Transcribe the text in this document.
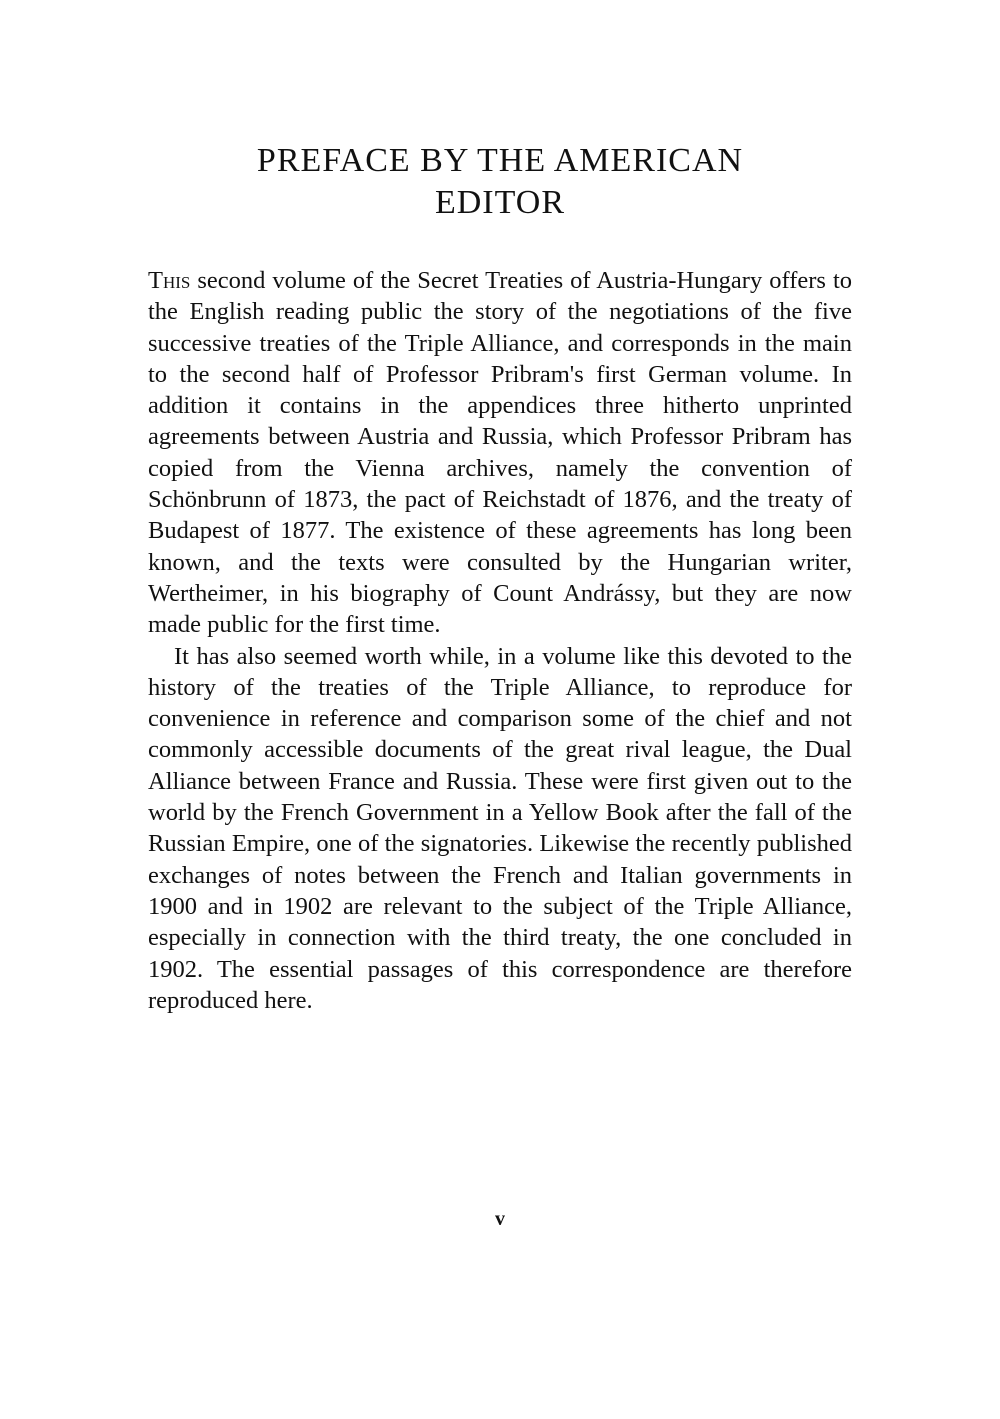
PREFACE BY THE AMERICAN
EDITOR

This second volume of the Secret Treaties of Austria-Hungary offers to the English reading public the story of the negotiations of the five successive treaties of the Triple Alliance, and corresponds in the main to the second half of Professor Pribram's first German volume. In addition it contains in the appendices three hitherto unprinted agreements between Austria and Russia, which Professor Pribram has copied from the Vienna archives, namely the convention of Schönbrunn of 1873, the pact of Reichstadt of 1876, and the treaty of Budapest of 1877. The existence of these agreements has long been known, and the texts were consulted by the Hungarian writer, Wertheimer, in his biography of Count Andrássy, but they are now made public for the first time.

It has also seemed worth while, in a volume like this devoted to the history of the treaties of the Triple Alliance, to reproduce for convenience in reference and comparison some of the chief and not commonly accessible documents of the great rival league, the Dual Alliance between France and Russia. These were first given out to the world by the French Government in a Yellow Book after the fall of the Russian Empire, one of the signatories. Likewise the recently published exchanges of notes between the French and Italian governments in 1900 and in 1902 are relevant to the subject of the Triple Alliance, especially in connection with the third treaty, the one concluded in 1902. The essential passages of this correspondence are therefore reproduced here.

v
